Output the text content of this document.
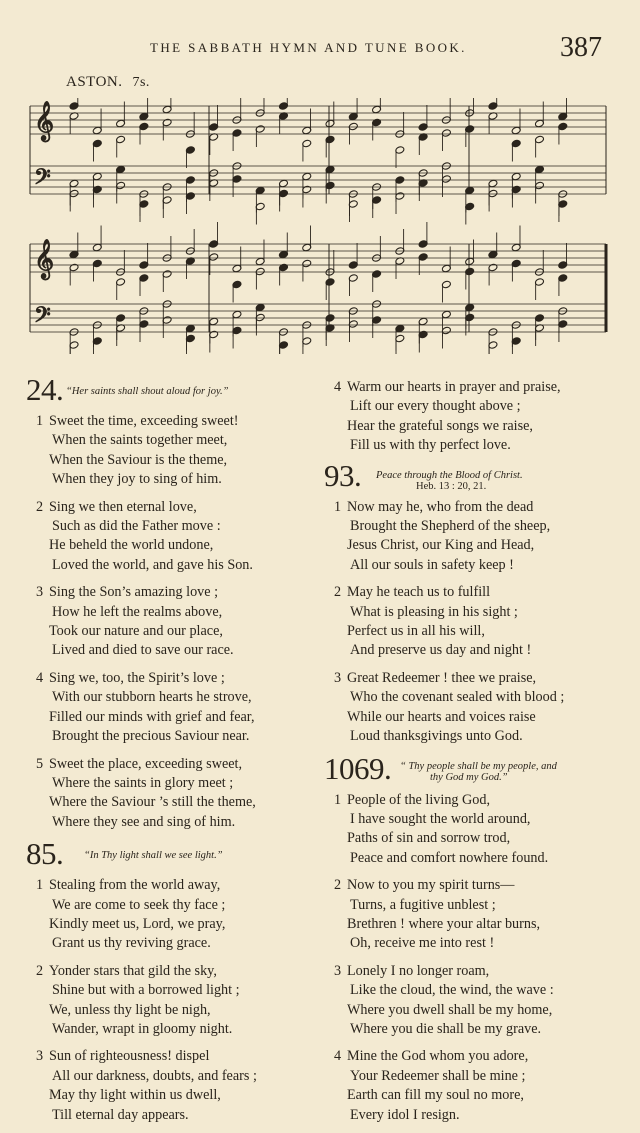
THE SABBATH HYMN AND TUNE BOOK.	387
ASTON. 7s.
𝄞
𝄢
𝄞
𝄢
24. “Her saints shall shout aloud for joy.”
1 Sweet the time, exceeding sweet!
When the saints together meet,
When the Saviour is the theme,
When they joy to sing of him.
2 Sing we then eternal love,
Such as did the Father move :
He beheld the world undone,
Loved the world, and gave his Son.
3 Sing the Son’s amazing love ;
How he left the realms above,
Took our nature and our place,
Lived and died to save our race.
4 Sing we, too, the Spirit’s love ;
With our stubborn hearts he strove,
Filled our minds with grief and fear,
Brought the precious Saviour near.
5 Sweet the place, exceeding sweet,
Where the saints in glory meet ;
Where the Saviour ’s still the theme,
Where they see and sing of him.
85. “In Thy light shall we see light.”
1 Stealing from the world away,
We are come to seek thy face ;
Kindly meet us, Lord, we pray,
Grant us thy reviving grace.
2 Yonder stars that gild the sky,
Shine but with a borrowed light ;
We, unless thy light be nigh,
Wander, wrapt in gloomy night.
3 Sun of righteousness! dispel
All our darkness, doubts, and fears ;
May thy light within us dwell,
Till eternal day appears.
4 Warm our hearts in prayer and praise,
Lift our every thought above ;
Hear the grateful songs we raise,
Fill us with thy perfect love.
93. Peace through the Blood of Christ.
Heb. 13 : 20, 21.
1 Now may he, who from the dead
Brought the Shepherd of the sheep,
Jesus Christ, our King and Head,
All our souls in safety keep !
2 May he teach us to fulfill
What is pleasing in his sight ;
Perfect us in all his will,
And preserve us day and night !
3 Great Redeemer ! thee we praise,
Who the covenant sealed with blood ;
While our hearts and voices raise
Loud thanksgivings unto God.
1069. “ Thy people shall be my people, and
thy God my God.”
1 People of the living God,
I have sought the world around,
Paths of sin and sorrow trod,
Peace and comfort nowhere found.
2 Now to you my spirit turns—
Turns, a fugitive unblest ;
Brethren ! where your altar burns,
Oh, receive me into rest !
3 Lonely I no longer roam,
Like the cloud, the wind, the wave :
Where you dwell shall be my home,
Where you die shall be my grave.
4 Mine the God whom you adore,
Your Redeemer shall be mine ;
Earth can fill my soul no more,
Every idol I resign.
